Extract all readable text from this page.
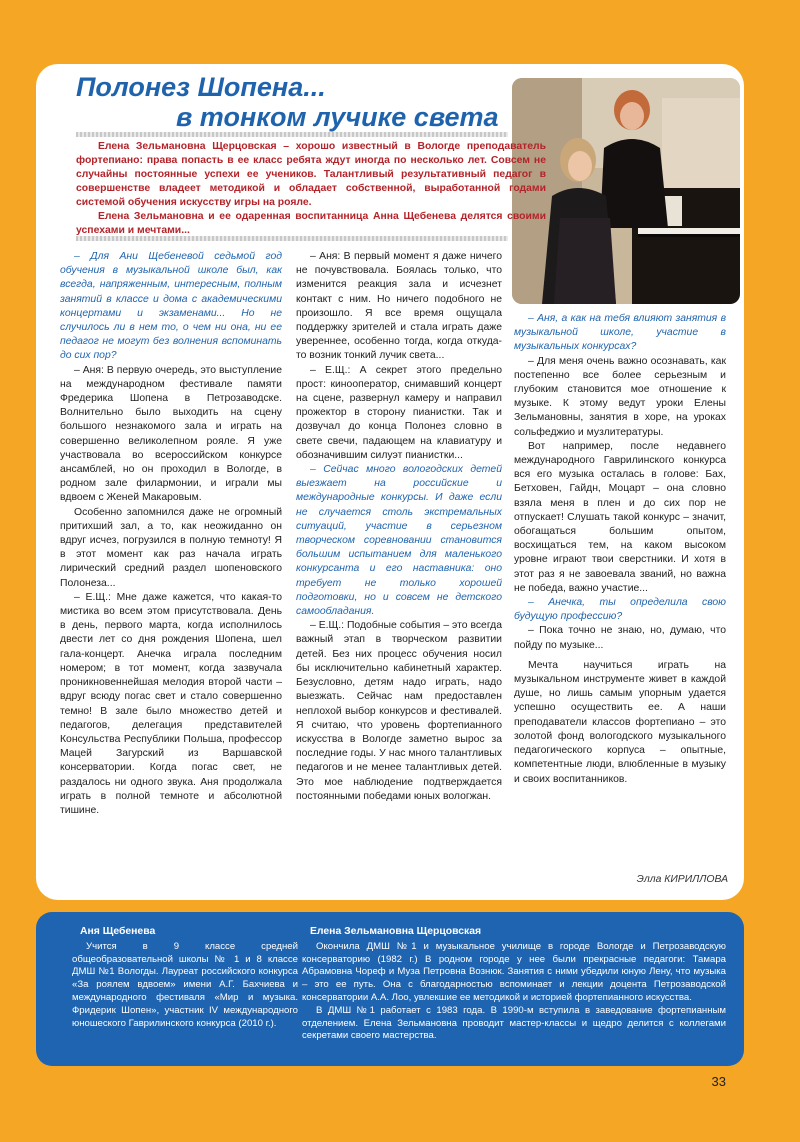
Полонез Шопена...
в тонком лучике света

Елена Зельмановна Щерцовская – хорошо известный в Вологде преподаватель фортепиано: права попасть в ее класс ребята ждут иногда по несколько лет. Совсем не случайны постоянные успехи ее учеников. Талантливый результативный педагог в совершенстве владеет методикой и обладает собственной, выработанной годами системой обучения искусству игры на рояле.

Елена Зельмановна и ее одаренная воспитанница Анна Щебенева делятся своими успехами и мечтами...

– Для Ани Щебеневой седьмой год обучения в музыкальной школе был, как всегда, напряженным, интересным, полным занятий в классе и дома с академическими концертами и экзаменами... Но не случилось ли в нем то, о чем ни она, ни ее педагог не могут без волнения вспоминать до сих пор?

– Аня: В первую очередь, это выступление на международном фестивале памяти Фредерика Шопена в Петрозаводске. Волнительно было выходить на сцену большого незнакомого зала и играть на совершенно великолепном рояле. Я уже участвовала во всероссийском конкурсе ансамблей, но он проходил в Вологде, в родном зале филармонии, и играли мы вдвоем с Женей Макаровым.

Особенно запомнился даже не огромный притихший зал, а то, как неожиданно он вдруг исчез, погрузился в полную темноту! Я в этот момент как раз начала играть лирический средний раздел шопеновского Полонеза...

– Е.Щ.: Мне даже кажется, что какая-то мистика во всем этом присутствовала. День в день, первого марта, когда исполнилось двести лет со дня рождения Шопена, шел гала-концерт. Анечка играла последним номером; в тот момент, когда зазвучала проникновеннейшая мелодия второй части – вдруг всюду погас свет и стало совершенно темно! В зале было множество детей и педагогов, делегация представителей Консульства Республики Польша, профессор Мацей Загурский из Варшавской консерватории. Когда погас свет, не раздалось ни одного звука. Аня продолжала играть в полной темноте и абсолютной тишине.

– Аня: В первый момент я даже ничего не почувствовала. Боялась только, что изменится реакция зала и исчезнет контакт с ним. Но ничего подобного не произошло. Я все время ощущала поддержку зрителей и стала играть даже увереннее, особенно тогда, когда откуда-то возник тонкий лучик света...

– Е.Щ.: А секрет этого предельно прост: кинооператор, снимавший концерт на сцене, развернул камеру и направил прожектор в сторону пианистки. Так и дозвучал до конца Полонез словно в свете свечи, падающем на клавиатуру и обозначившим силуэт пианистки...

– Сейчас много вологодских детей выезжает на российские и международные конкурсы. И даже если не случается столь экстремальных ситуаций, участие в серьезном творческом соревновании становится большим испытанием для маленького конкурсанта и его наставника: оно требует не только хорошей подготовки, но и совсем не детского самообладания.

– Е.Щ.: Подобные события – это всегда важный этап в творческом развитии детей. Без них процесс обучения носил бы исключительно кабинетный характер. Безусловно, детям надо играть, надо выезжать. Сейчас нам предоставлен неплохой выбор конкурсов и фестивалей. Я считаю, что уровень фортепианного искусства в Вологде заметно вырос за последние годы. У нас много талантливых педагогов и не менее талантливых детей. Это мое наблюдение подтверждается постоянными победами юных вологжан.

– Аня, а как на тебя влияют занятия в музыкальной школе, участие в музыкальных конкурсах?

– Для меня очень важно осознавать, как постепенно все более серьезным и глубоким становится мое отношение к музыке. К этому ведут уроки Елены Зельмановны, занятия в хоре, на уроках сольфеджио и музлитературы.

Вот например, после недавнего международного Гаврилинского конкурса вся его музыка осталась в голове: Бах, Бетховен, Гайдн, Моцарт – она словно взяла меня в плен и до сих пор не отпускает! Слушать такой конкурс – значит, обогащаться большим опытом, восхищаться тем, на каком высоком уровне играют твои сверстники. И хотя в этот раз я не завоевала званий, но важна не победа, важно участие...

– Анечка, ты определила свою будущую профессию?

– Пока точно не знаю, но, думаю, что пойду по музыке...

Мечта научиться играть на музыкальном инструменте живет в каждой душе, но лишь самым упорным удается успешно осуществить ее. А наши преподаватели классов фортепиано – это золотой фонд вологодского музыкального педагогического корпуса – опытные, компетентные люди, влюбленные в музыку и своих воспитанников.

Элла КИРИЛЛОВА
Аня Щебенева

Учится в 9 классе средней общеобразовательной школы № 1 и 8 классе ДМШ №1 Вологды. Лауреат российского конкурса «За роялем вдвоем» имени А.Г. Бахчиева и международного фестиваля «Мир и музыка. Фридерик Шопен», участник IV международного юношеского Гаврилинского конкурса (2010 г.).

Елена Зельмановна Щерцовская

Окончила ДМШ №1 и музыкальное училище в городе Вологде и Петрозаводскую консерваторию (1982 г.) В родном городе у нее были прекрасные педагоги: Тамара Абрамовна Чореф и Муза Петровна Вознюк. Занятия с ними убедили юную Лену, что музыка – это ее путь. Она с благодарностью вспоминает и лекции доцента Петрозаводской консерватории А.А. Лоо, увлекшие ее методикой и историей фортепианного искусства.

В ДМШ №1 работает с 1983 года. В 1990-м вступила в заведование фортепианным отделением. Елена Зельмановна проводит мастер-классы и щедро делится с коллегами секретами своего мастерства.

33
